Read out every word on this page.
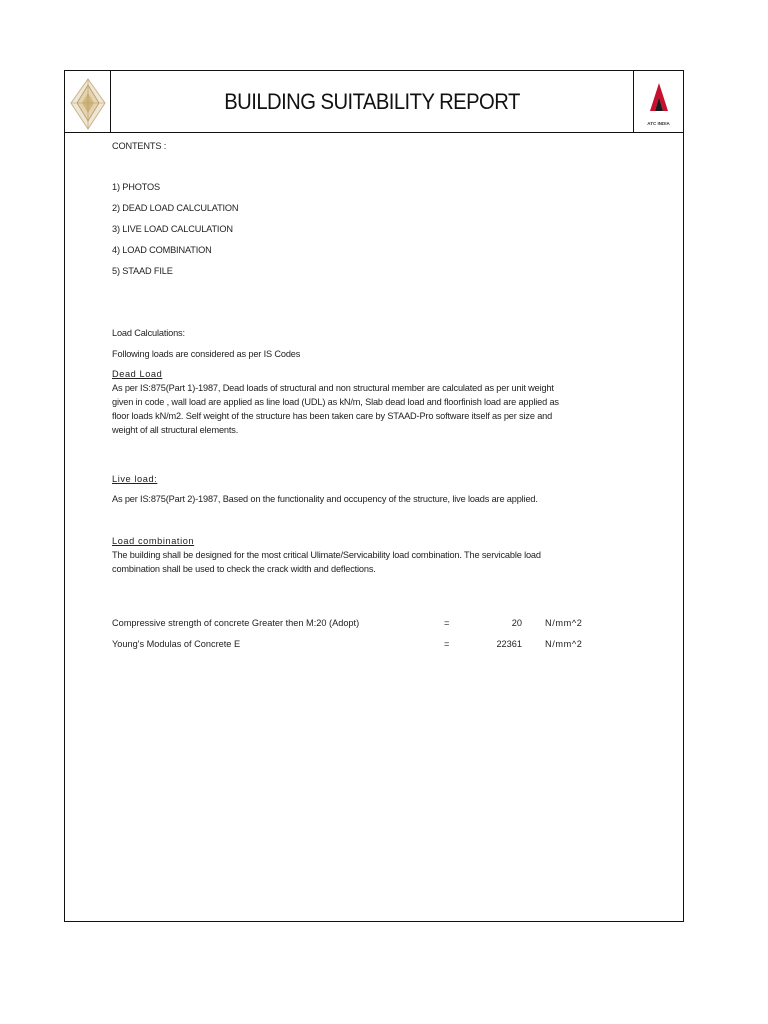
BUILDING SUITABILITY REPORT
ATC INDIA
CONTENTS :
1) PHOTOS
2) DEAD LOAD CALCULATION
3) LIVE LOAD CALCULATION
4) LOAD COMBINATION
5) STAAD FILE
Load Calculations:
Following loads are considered as per IS Codes
Dead Load
As per IS:875(Part 1)-1987, Dead loads of structural and non structural member are calculated as per unit weight
given in code , wall load are applied as line load (UDL) as kN/m, Slab dead load and floorfinish load are applied as
floor loads kN/m2. Self weight of the structure has been taken care by STAAD-Pro software itself as per size and
weight of all structural elements.
Live load:
As per IS:875(Part 2)-1987, Based on the functionality and occupency of the structure, live loads are applied.
Load combination
The building shall be designed for the most critical Ulimate/Servicability load combination. The servicable load
combination shall be used to check the crack width and deflections.
Compressive strength of concrete Greater then M:20 (Adopt)	=	20	N/mm^2
Young's Modulas of Concrete E	=	22361	N/mm^2
